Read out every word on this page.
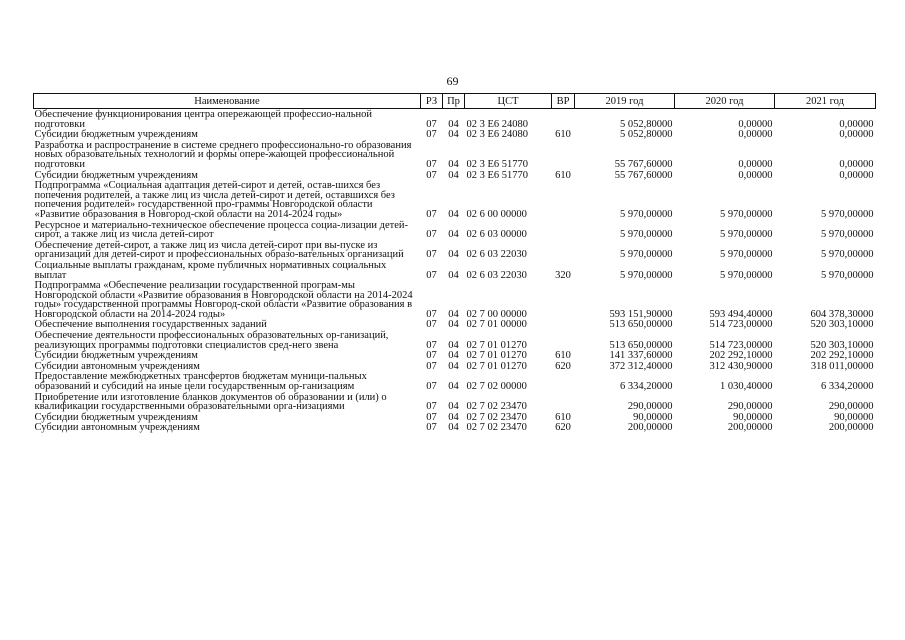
69
Наименование	РЗ	Пр	ЦСТ	ВР	2019 год	2020 год	2021 год
Обеспечение функционирования центра опережающей профессио-нальной подготовки	07	04	02 3 E6 24080		5 052,80000	0,00000	0,00000
Субсидии бюджетным учреждениям	07	04	02 3 E6 24080	610	5 052,80000	0,00000	0,00000
Разработка и распространение в системе среднего профессионально-го образования новых образовательных технологий и формы опере-жающей профессиональной подготовки	07	04	02 3 E6 51770		55 767,60000	0,00000	0,00000
Субсидии бюджетным учреждениям	07	04	02 3 E6 51770	610	55 767,60000	0,00000	0,00000
Подпрограмма «Социальная адаптация детей-сирот и детей, остав-шихся без попечения родителей, а также лиц из числа детей-сирот и детей, оставшихся без попечения родителей» государственной про-граммы Новгородской области «Развитие образования в Новгород-ской области на 2014-2024 годы»	07	04	02 6 00 00000		5 970,00000	5 970,00000	5 970,00000
Ресурсное и материально-техническое обеспечение процесса социа-лизации детей-сирот, а также лиц из числа детей-сирот	07	04	02 6 03 00000		5 970,00000	5 970,00000	5 970,00000
Обеспечение детей-сирот, а также лиц из числа детей-сирот при вы-пуске из организаций для детей-сирот и профессиональных образо-вательных организаций	07	04	02 6 03 22030		5 970,00000	5 970,00000	5 970,00000
Социальные выплаты гражданам, кроме публичных нормативных социальных выплат	07	04	02 6 03 22030	320	5 970,00000	5 970,00000	5 970,00000
Подпрограмма «Обеспечение реализации государственной програм-мы Новгородской области «Развитие образования в Новгородской области на 2014-2024 годы» государственной программы Новгород-ской области «Развитие образования в Новгородской области на 2014-2024 годы»	07	04	02 7 00 00000		593 151,90000	593 494,40000	604 378,30000
Обеспечение выполнения государственных заданий	07	04	02 7 01 00000		513 650,00000	514 723,00000	520 303,10000
Обеспечение деятельности профессиональных образовательных ор-ганизаций, реализующих программы подготовки специалистов сред-него звена	07	04	02 7 01 01270		513 650,00000	514 723,00000	520 303,10000
Субсидии бюджетным учреждениям	07	04	02 7 01 01270	610	141 337,60000	202 292,10000	202 292,10000
Субсидии автономным учреждениям	07	04	02 7 01 01270	620	372 312,40000	312 430,90000	318 011,00000
Предоставление межбюджетных трансфертов бюджетам муници-пальных образований и субсидий на иные цели государственным ор-ганизациям	07	04	02 7 02 00000		6 334,20000	1 030,40000	6 334,20000
Приобретение или изготовление бланков документов об образовании и (или) о квалификации государственными образовательными орга-низациями	07	04	02 7 02 23470		290,00000	290,00000	290,00000
Субсидии бюджетным учреждениям	07	04	02 7 02 23470	610	90,00000	90,00000	90,00000
Субсидии автономным учреждениям	07	04	02 7 02 23470	620	200,00000	200,00000	200,00000
